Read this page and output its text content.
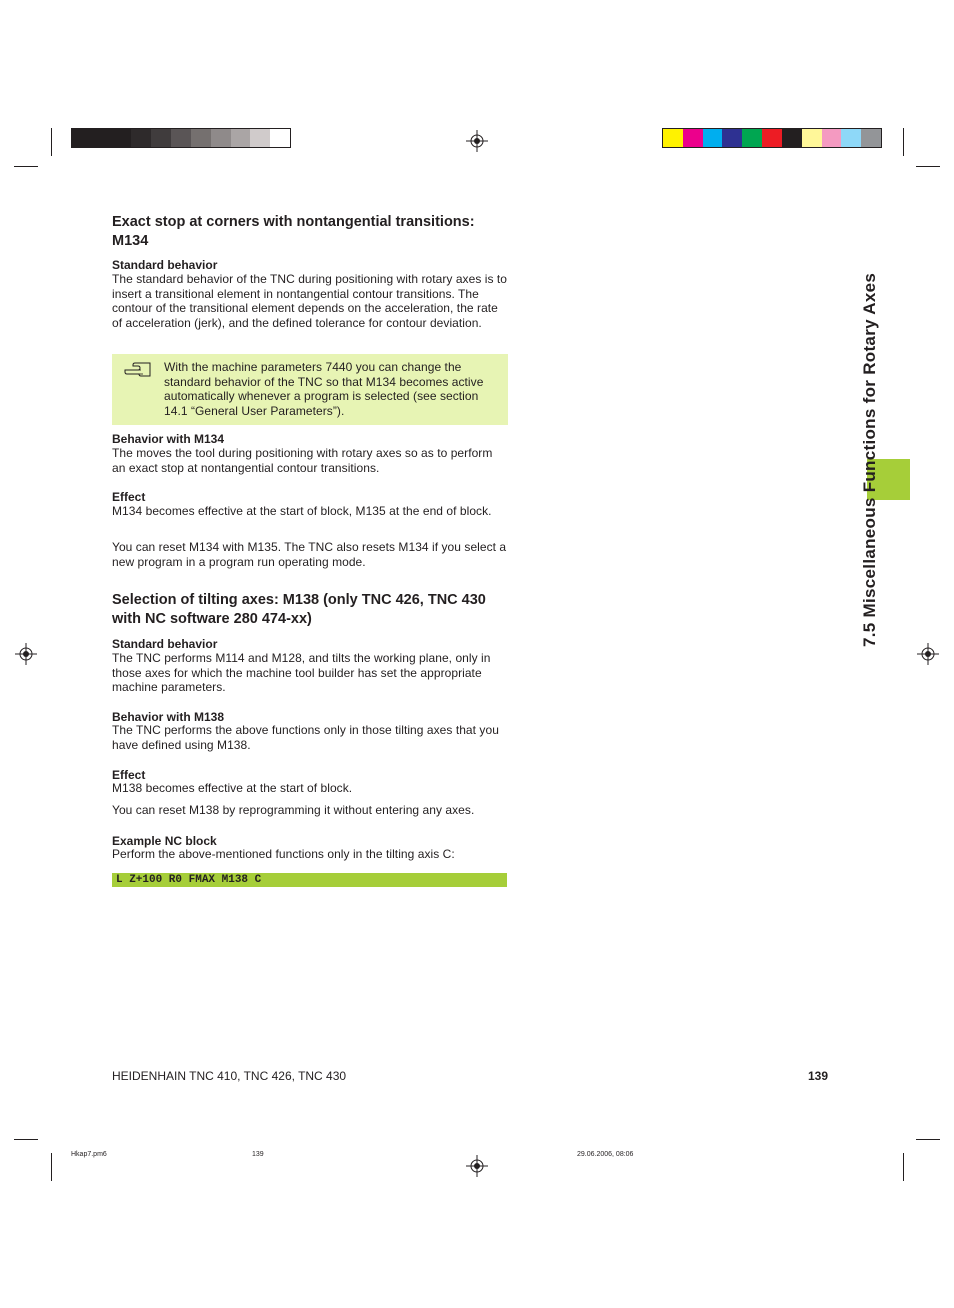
7.5 Miscellaneous Functions for Rotary Axes
Exact stop at corners with nontangential transitions: M134
Standard behavior
The standard behavior of the TNC during positioning with rotary axes is to insert a transitional element in nontangential contour transitions. The contour of the transitional element depends on the acceleration, the rate of acceleration (jerk), and the defined tolerance for contour deviation.
With the machine parameters 7440 you can change the standard behavior of the TNC so that M134 becomes active automatically whenever a program is selected (see section 14.1 “General User Parameters”).
Behavior with M134
The moves the tool during positioning with rotary axes so as to perform an exact stop at nontangential contour transitions.
Effect
M134 becomes effective at the start of block, M135 at the end of block.
You can reset M134 with M135. The TNC also resets M134 if you select a new program in a program run operating mode.
Selection of tilting axes: M138 (only TNC 426, TNC 430 with NC software 280 474-xx)
Standard behavior
The TNC performs M114 and M128, and tilts the working plane, only in those axes for which the machine tool builder has set the appropriate machine parameters.
Behavior with M138
The TNC performs the above functions only in those tilting axes that you have defined using M138.
Effect
M138 becomes effective at the start of block.
You can reset M138 by reprogramming it without entering any axes.
Example NC block
Perform the above-mentioned functions only in the tilting axis C:
L Z+100 R0 FMAX M138 C
HEIDENHAIN TNC 410, TNC 426, TNC 430	139
Hkap7.pm6	139	29.06.2006, 08:06
